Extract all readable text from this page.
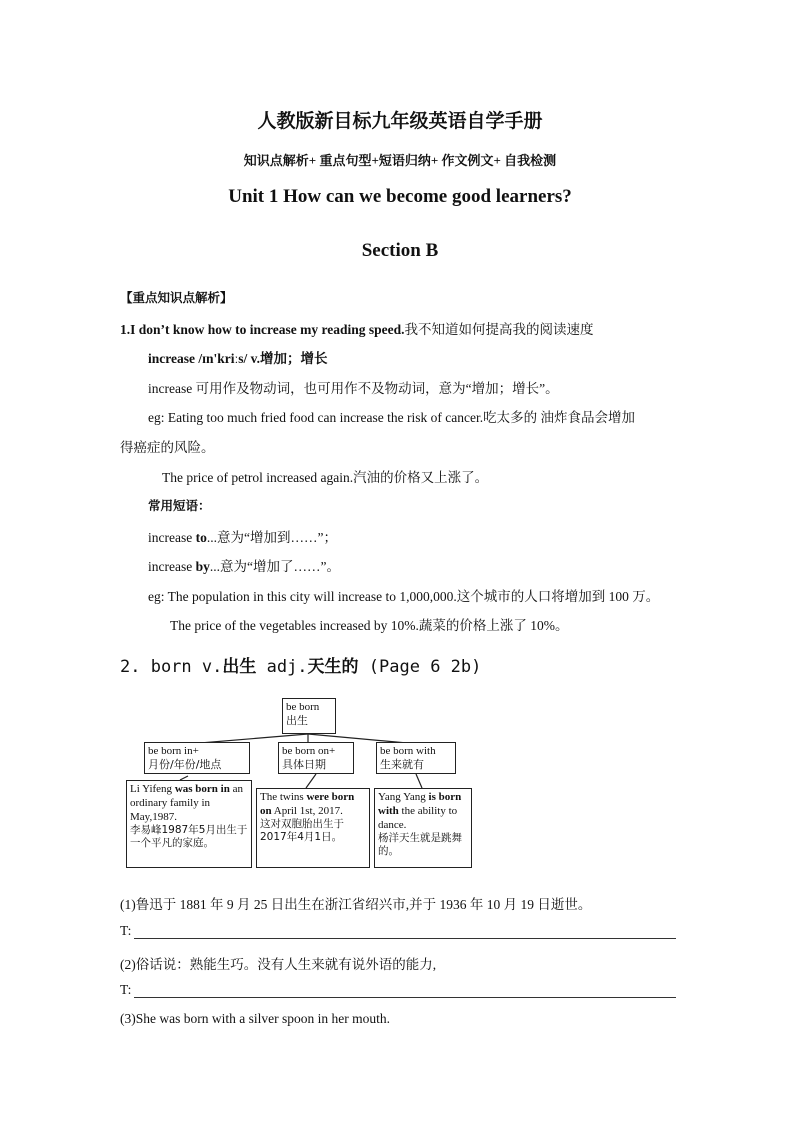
人教版新目标九年级英语自学手册
知识点解析+ 重点句型+短语归纳+ 作文例文+ 自我检测
Unit 1 How can we become good learners?
Section B
【重点知识点解析】
1.I don’t know how to increase my reading speed.我不知道如何提高我的阅读速度
increase /ɪn'kriːs/ v.增加；增长
increase 可用作及物动词，也可用作不及物动词，意为“增加；增长”。
eg: Eating too much fried food can increase the risk of cancer.吃太多的 油炸食品会增加
得癌症的风险。
The price of petrol increased again.汽油的价格又上涨了。
常用短语：
increase to...意为“增加到……”；
increase by...意为“增加了……”。
eg: The population in this city will increase to 1,000,000.这个城市的人口将增加到 100 万。
The price of the vegetables increased by 10%.蔬菜的价格上涨了 10%。
2. born v.出生 adj.天生的 (Page 6 2b)
be born
出生
be born in+
月份/年份/地点
be born on+
具体日期
be born with
生来就有
Li Yifeng was born in an ordinary family in May,1987.
李易峰1987年5月出生于一个平凡的家庭。
The twins were born on April 1st, 2017.
这对双胞胎出生于2017年4月1日。
Yang Yang is born with the ability to dance.
杨洋天生就是跳舞的。
(1)鲁迅于 1881 年 9 月 25 日出生在浙江省绍兴市,并于 1936 年 10 月 19 日逝世。
T:
(2)俗话说：熟能生巧。没有人生来就有说外语的能力,
T:
(3)She was born with a silver spoon in her mouth.
